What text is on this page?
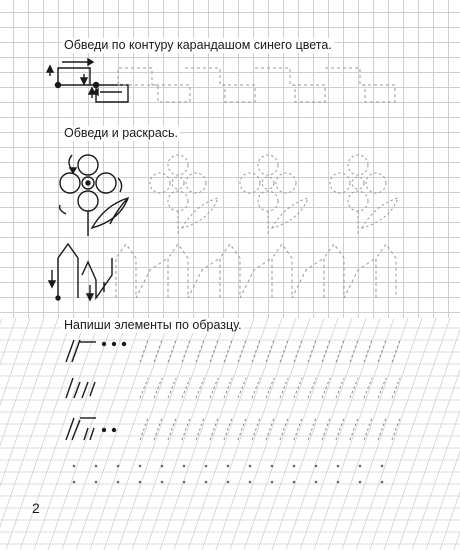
Обведи по контуру карандашом синего цвета.
Обведи и раскрась.
Напиши элементы по образцу.
2
